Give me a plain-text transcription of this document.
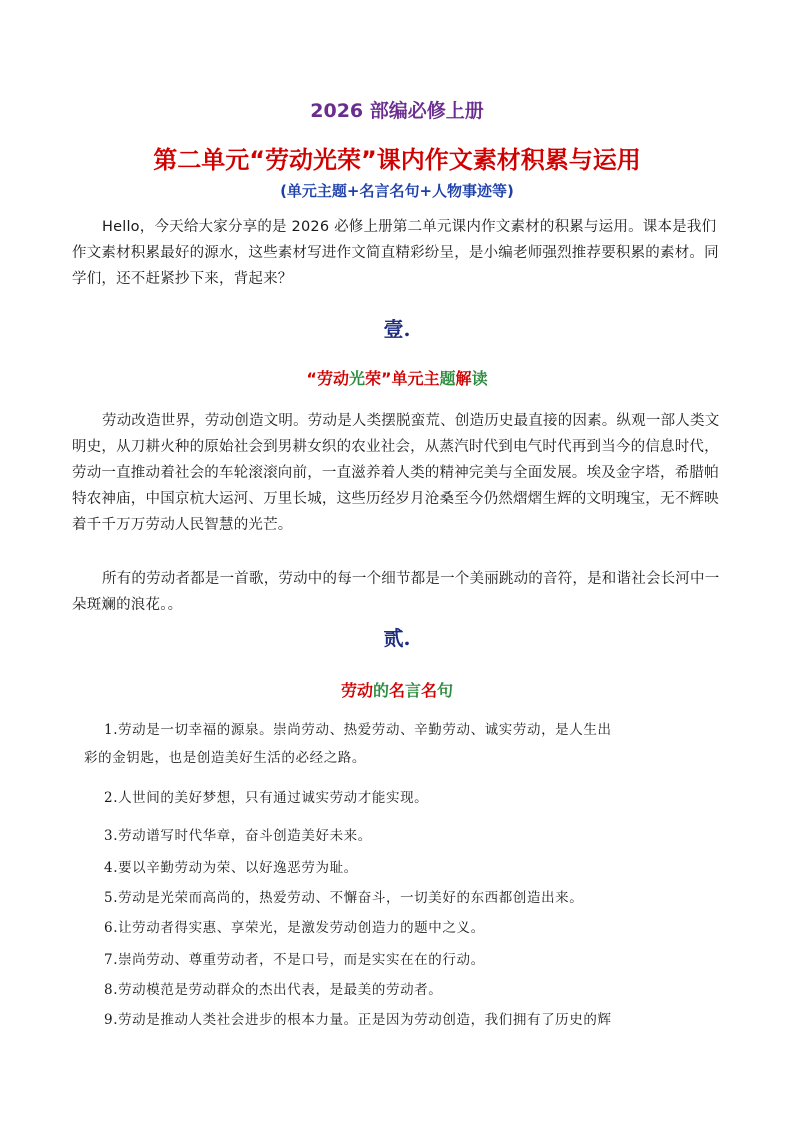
2026 部编必修上册
第二单元“劳动光荣”课内作文素材积累与运用
(单元主题+名言名句+人物事迹等)
Hello，今天给大家分享的是 2026 必修上册第二单元课内作文素材的积累与运用。课本是我们作文素材积累最好的源水，这些素材写进作文简直精彩纷呈，是小编老师强烈推荐要积累的素材。同学们，还不赶紧抄下来，背起来？
壹.
“劳动光荣”单元主题解读
劳动改造世界，劳动创造文明。劳动是人类摆脱蛮荒、创造历史最直接的因素。纵观一部人类文明史，从刀耕火种的原始社会到男耕女织的农业社会，从蒸汽时代到电气时代再到当今的信息时代，劳动一直推动着社会的车轮滚滚向前，一直滋养着人类的精神完美与全面发展。埃及金字塔，希腊帕特农神庙，中国京杭大运河、万里长城，这些历经岁月沧桑至今仍然熠熠生辉的文明瑰宝，无不辉映着千千万万劳动人民智慧的光芒。
所有的劳动者都是一首歌，劳动中的每一个细节都是一个美丽跳动的音符，是和谐社会长河中一朵斑斓的浪花。。
贰.
劳动的名言名句
1.劳动是一切幸福的源泉。崇尚劳动、热爱劳动、辛勤劳动、诚实劳动，是人生出
彩的金钥匙，也是创造美好生活的必经之路。
2.人世间的美好梦想，只有通过诚实劳动才能实现。
3.劳动谱写时代华章，奋斗创造美好未来。
4.要以辛勤劳动为荣、以好逸恶劳为耻。
5.劳动是光荣而高尚的，热爱劳动、不懈奋斗，一切美好的东西都创造出来。
6.让劳动者得实惠、享荣光，是激发劳动创造力的题中之义。
7.崇尚劳动、尊重劳动者，不是口号，而是实实在在的行动。
8.劳动模范是劳动群众的杰出代表，是最美的劳动者。
9.劳动是推动人类社会进步的根本力量。正是因为劳动创造，我们拥有了历史的辉
